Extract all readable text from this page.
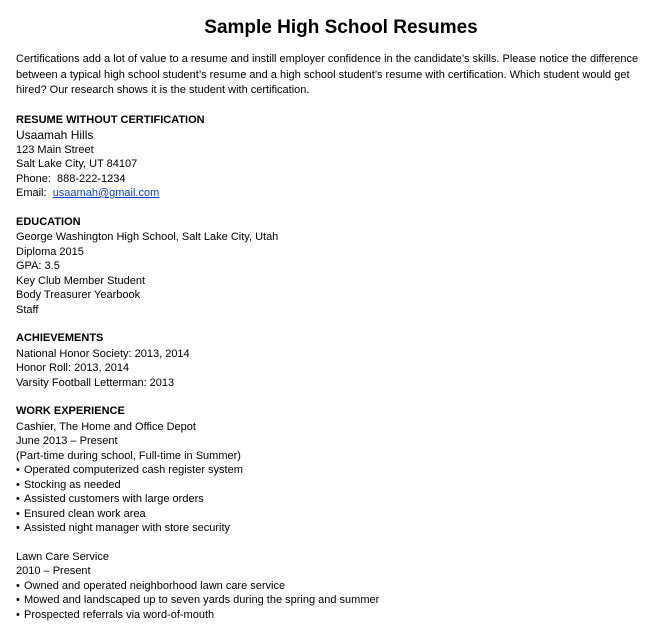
Sample High School Resumes
Certifications add a lot of value to a resume and instill employer confidence in the candidate’s skills. Please notice the difference between a typical high school student’s resume and a high school student’s resume with certification. Which student would get hired? Our research shows it is the student with certification.
RESUME WITHOUT CERTIFICATION
Usaamah Hills
123 Main Street
Salt Lake City, UT 84107
Phone: 888-222-1234
Email: usaamah@gmail.com
EDUCATION
George Washington High School, Salt Lake City, Utah
Diploma 2015
GPA: 3.5
Key Club Member Student
Body Treasurer Yearbook
Staff
ACHIEVEMENTS
National Honor Society: 2013, 2014
Honor Roll: 2013, 2014
Varsity Football Letterman: 2013
WORK EXPERIENCE
Cashier, The Home and Office Depot
June 2013 – Present
(Part-time during school, Full-time in Summer)
• Operated computerized cash register system
• Stocking as needed
• Assisted customers with large orders
• Ensured clean work area
• Assisted night manager with store security
Lawn Care Service
2010 – Present
• Owned and operated neighborhood lawn care service
• Mowed and landscaped up to seven yards during the spring and summer
• Prospected referrals via word-of-mouth
